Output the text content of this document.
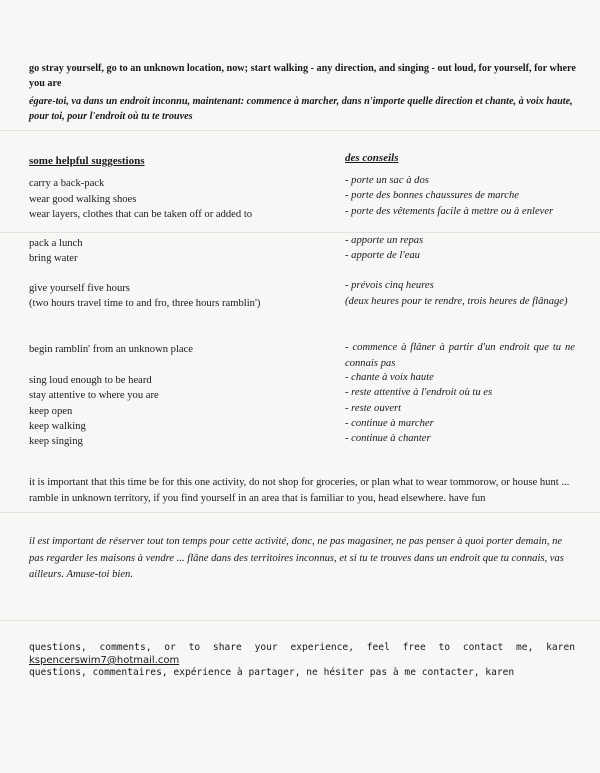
go stray yourself, go to an unknown location, now; start walking - any direction, and singing - out loud, for yourself, for where you are
égare-toi, va dans un endroit inconnu, maintenant: commence à marcher, dans n'importe quelle direction et chante, à voix haute, pour toi, pour l'endroit où tu te trouves
some helpful suggestions	des conseils
carry a back-pack
wear good walking shoes
wear layers, clothes that can be taken off or added to
pack a lunch
bring water
give yourself five hours
(two hours travel time to and fro, three hours ramblin')
begin ramblin' from an unknown place
sing loud enough to be heard
stay attentive to where you are
keep open
keep walking
keep singing
- porte un sac à dos
- porte des bonnes chaussures de marche
- porte des vêtements facile à mettre ou à enlever
- apporte un repas
- apporte de l'eau
- prévois cinq heures
(deux heures pour te rendre, trois heures de flânage)
- commence à flâner à partir d'un endroit que tu ne connais pas
- chante à voix haute
- reste attentive à l'endroit où tu es
- reste ouvert
- continue à marcher
- continue à chanter
it is important that this time be for this one activity, do not shop for groceries, or plan what to wear tommorow, or house hunt ... ramble in unknown territory, if you find yourself in an area that is familiar to you, head elsewhere. have fun
il est important de réserver tout ton temps pour cette activité, donc, ne pas magasiner, ne pas penser à quoi porter demain, ne pas regarder les maisons à vendre ... flâne dans des territoires inconnus, et si tu te trouves dans un endroit que tu connais, vas ailleurs. Amuse-toi bien.
questions, comments, or to share your experience, feel free to contact me, karen
kspencerswim7@hotmail.com
questions, commentaires, expérience à partager, ne hésiter pas à me contacter, karen
